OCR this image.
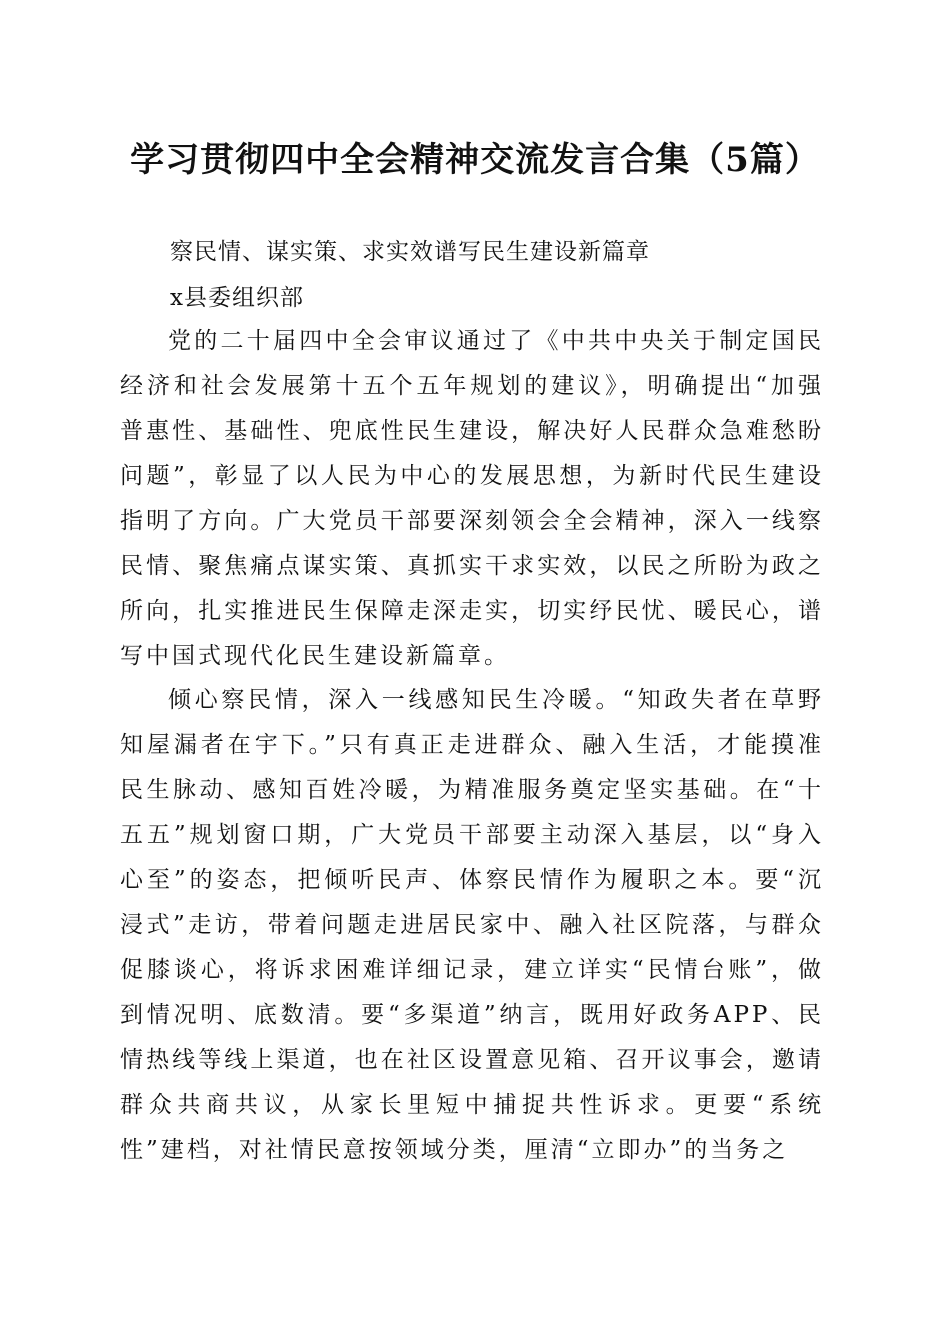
学习贯彻四中全会精神交流发言合集（5篇）
察民情、谋实策、求实效谱写民生建设新篇章
x县委组织部

党的二十届四中全会审议通过了《中共中央关于制定国民经济和社会发展第十五个五年规划的建议》，明确提出“加强普惠性、基础性、兜底性民生建设，解决好人民群众急难愁盼问题”，彰显了以人民为中心的发展思想，为新时代民生建设指明了方向。广大党员干部要深刻领会全会精神，深入一线察民情、聚焦痛点谋实策、真抓实干求实效，以民之所盼为政之所向，扎实推进民生保障走深走实，切实纾民忧、暖民心，谱写中国式现代化民生建设新篇章。

倾心察民情，深入一线感知民生冷暖。“知政失者在草野知屋漏者在宇下。”只有真正走进群众、融入生活，才能摸准民生脉动、感知百姓冷暖，为精准服务奠定坚实基础。在“十五五”规划窗口期，广大党员干部要主动深入基层，以“身入心至”的姿态，把倾听民声、体察民情作为履职之本。要“沉浸式”走访，带着问题走进居民家中、融入社区院落，与群众促膝谈心，将诉求困难详细记录，建立详实“民情台账”，做到情况明、底数清。要“多渠道”纳言，既用好政务APP、民情热线等线上渠道，也在社区设置意见箱、召开议事会，邀请群众共商共议，从家长里短中捕捉共性诉求。更要“系统性”建档，对社情民意按领域分类，厘清“立即办”的当务之
